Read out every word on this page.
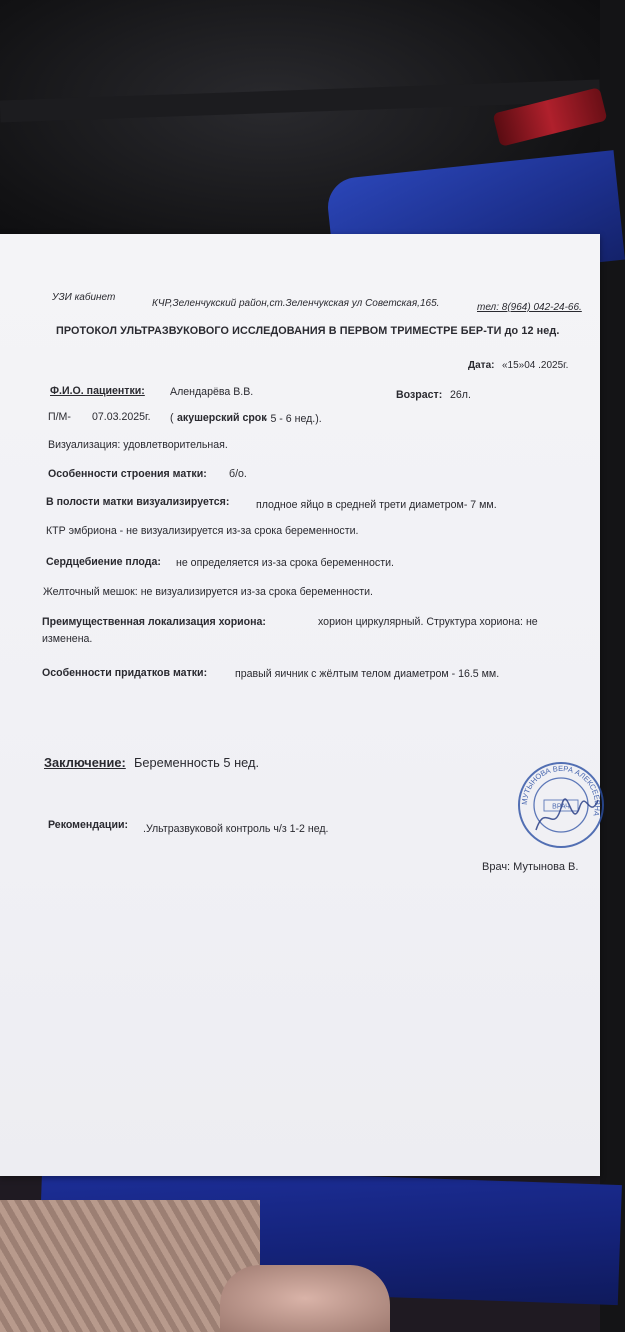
УЗИ кабинет
КЧР,Зеленчукский район,ст.Зеленчукская ул Советская,165.	тел: 8(964) 042-24-66.
ПРОТОКОЛ УЛЬТРАЗВУКОВОГО ИССЛЕДОВАНИЯ В ПЕРВОМ ТРИМЕСТРЕ БЕР-ТИ до 12 нед.
Дата: «15»04 .2025г.
Ф.И.О. пациентки: Алендарёва В.В.	Возраст: 26л.
П/М- 07.03.2025г. ( акушерский срок
- 5 - 6 нед.).
Визуализация: удовлетворительная.
Особенности строения матки: б/о.
В полости матки визуализируется:	плодное яйцо в средней трети диаметром- 7 мм.
КТР эмбриона - не визуализируется из-за срока беременности.
Сердцебиение плода: не определяется из-за срока беременности.
Желточный мешок: не визуализируется из-за срока беременности.
Преимущественная локализация хориона:	хорион циркулярный. Структура хориона: не
изменена.
Особенности придатков матки:	правый яичник с жёлтым телом диаметром - 16.5 мм.
Заключение: Беременность 5 нед.
Рекомендации: .Ультразвуковой контроль ч/з 1-2 нед.
Врач: Мутынова В.
МУТЫНОВА ВЕРА АЛЕКСЕЕВНА
ВРАЧ
